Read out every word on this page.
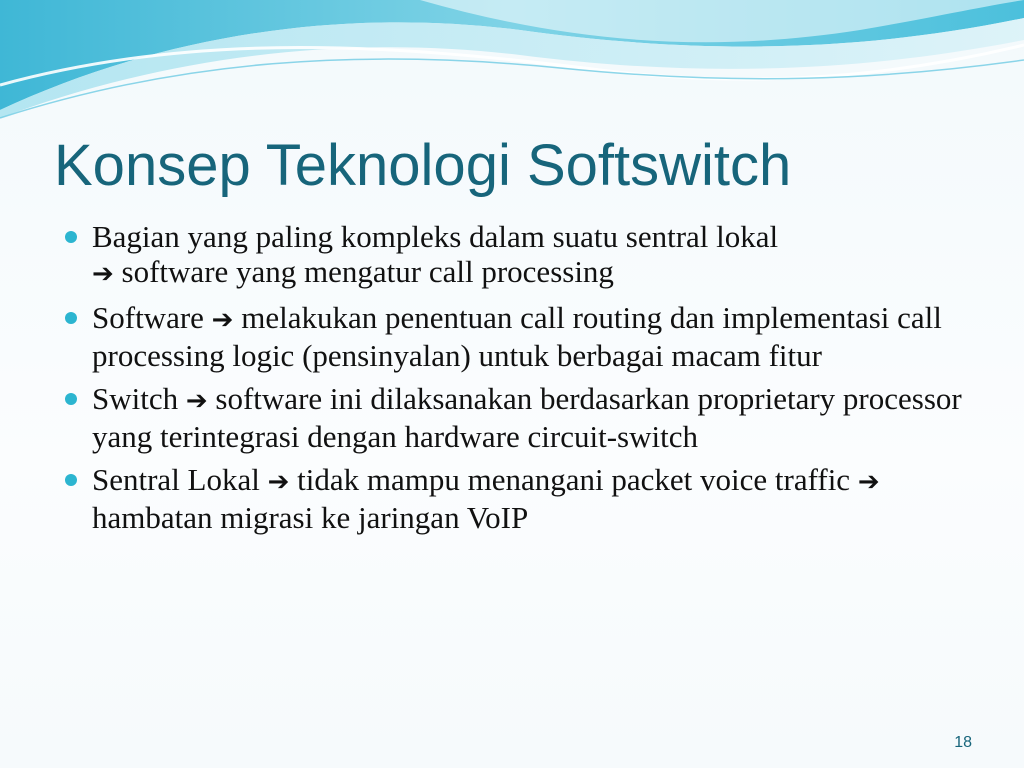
Konsep Teknologi Softswitch
Bagian yang paling kompleks dalam suatu sentral lokal
➔ software yang mengatur call processing
Software ➔ melakukan penentuan call routing dan implementasi call processing logic (pensinyalan) untuk berbagai macam fitur
Switch ➔ software ini dilaksanakan berdasarkan proprietary processor yang terintegrasi dengan hardware circuit-switch
Sentral Lokal ➔ tidak mampu menangani packet voice traffic ➔ hambatan migrasi ke jaringan VoIP
18
